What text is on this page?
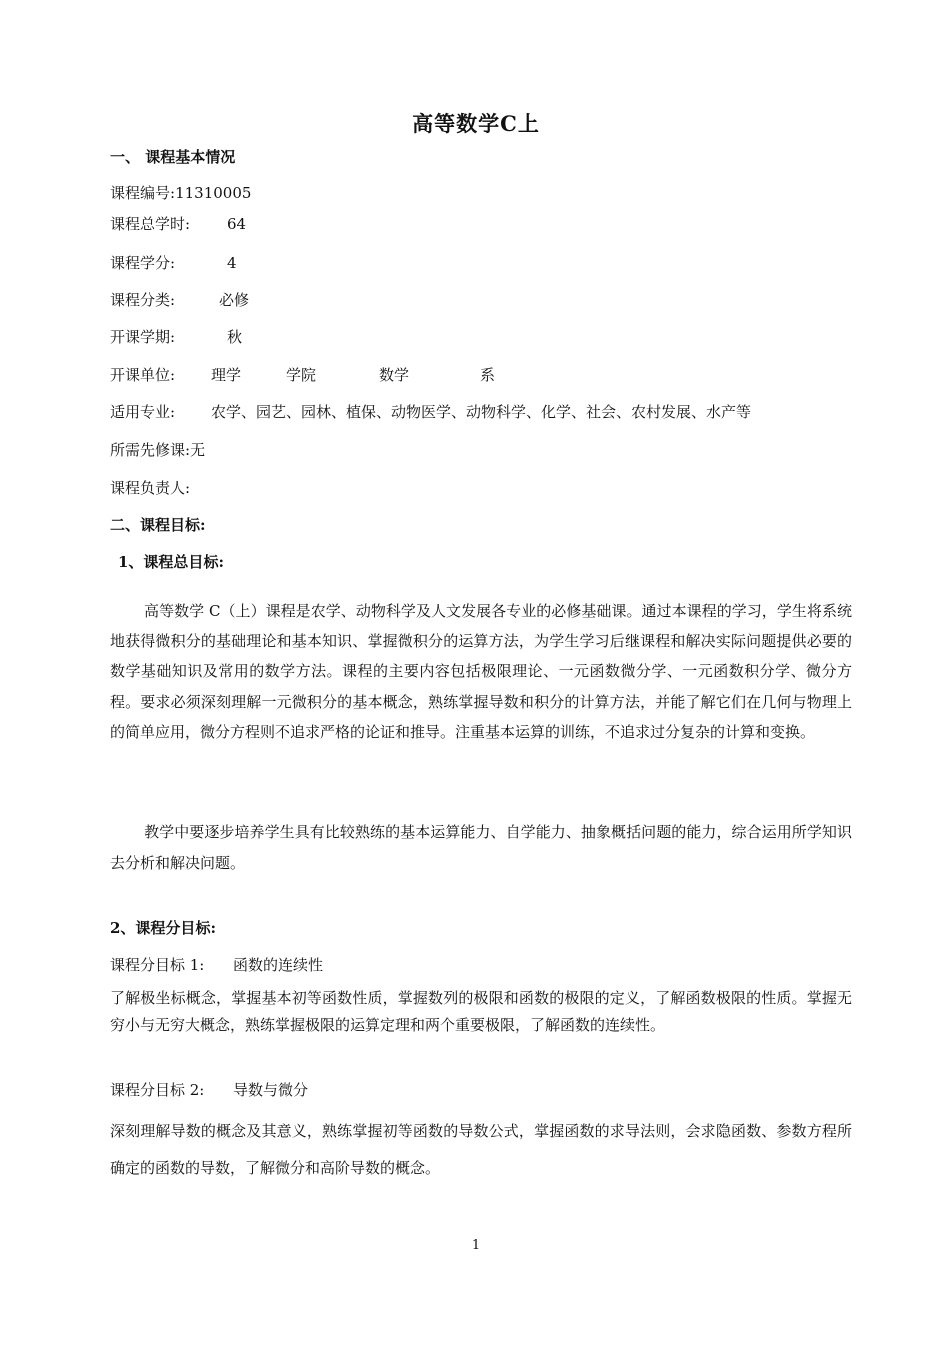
高等数学C上
一、 课程基本情况
课程编号:11310005
课程总学时: 64
课程学分:	4
课程分类:	必修
开课学期:	秋
开课单位: 理学	学院	数学	系
适用专业: 农学、园艺、园林、植保、动物医学、动物科学、化学、社会、农村发展、水产等
所需先修课:无
课程负责人:
二、课程目标:
1、课程总目标:
高等数学 C（上）课程是农学、动物科学及人文发展各专业的必修基础课。通过本课程的学习，学生将系统地获得微积分的基础理论和基本知识、掌握微积分的运算方法，为学生学习后继课程和解决实际问题提供必要的数学基础知识及常用的数学方法。课程的主要内容包括极限理论、一元函数微分学、一元函数积分学、微分方程。要求必须深刻理解一元微积分的基本概念，熟练掌握导数和积分的计算方法，并能了解它们在几何与物理上的简单应用，微分方程则不追求严格的论证和推导。注重基本运算的训练，不追求过分复杂的计算和变换。
教学中要逐步培养学生具有比较熟练的基本运算能力、自学能力、抽象概括问题的能力，综合运用所学知识去分析和解决问题。
2、课程分目标:
课程分目标 1: 函数的连续性
了解极坐标概念，掌握基本初等函数性质，掌握数列的极限和函数的极限的定义，了解函数极限的性质。掌握无穷小与无穷大概念，熟练掌握极限的运算定理和两个重要极限，了解函数的连续性。
课程分目标 2: 导数与微分
深刻理解导数的概念及其意义，熟练掌握初等函数的导数公式，掌握函数的求导法则，会求隐函数、参数方程所确定的函数的导数，了解微分和高阶导数的概念。
1
